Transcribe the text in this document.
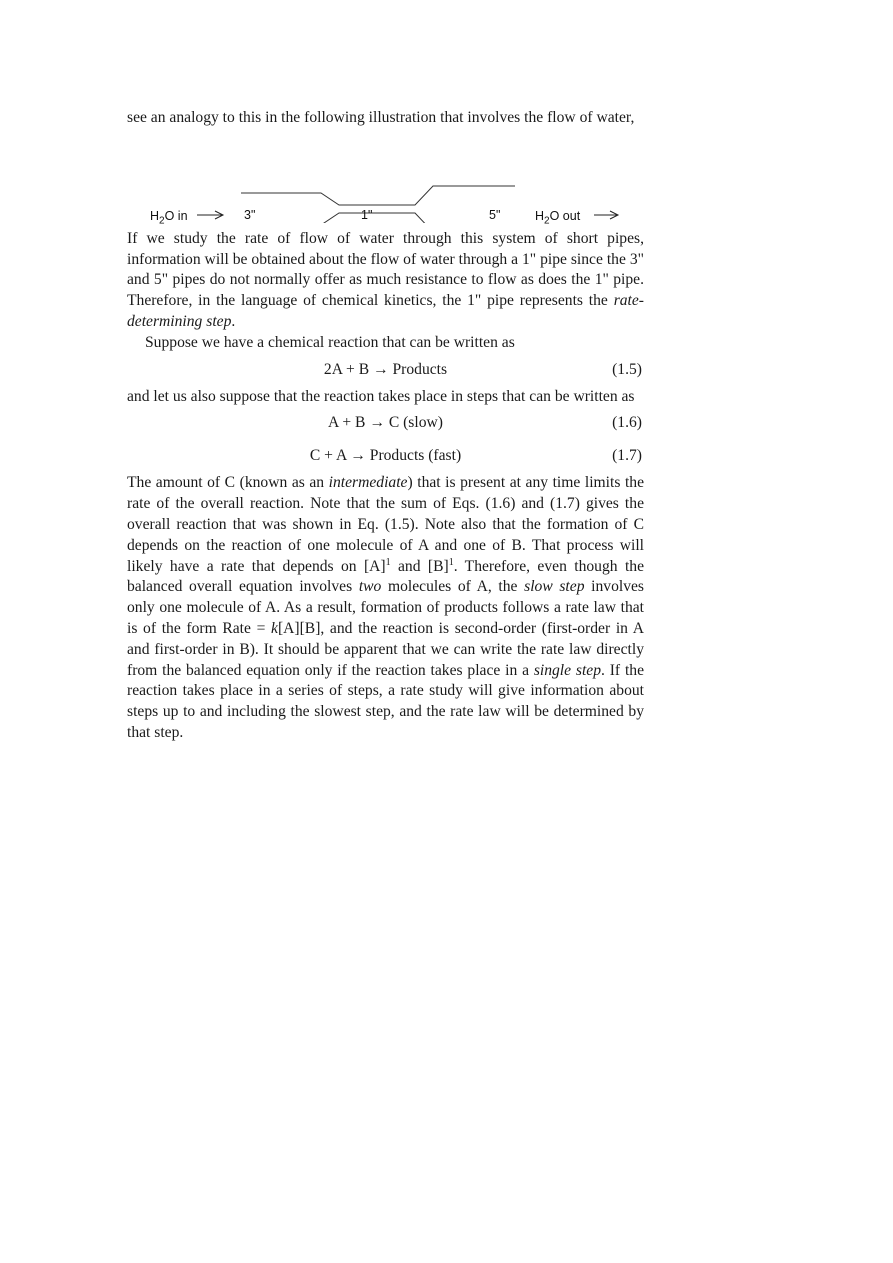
see an analogy to this in the following illustration that involves the flow of water,

$H_2O$ in	3"	1"	5"	$H_2O$ out

If we study the rate of flow of water through this system of short pipes, information will be obtained about the flow of water through a 1" pipe since the 3" and 5" pipes do not normally offer as much resistance to flow as does the 1" pipe. Therefore, in the language of chemical kinetics, the 1" pipe represents the rate-determining step.

Suppose we have a chemical reaction that can be written as

2A + B → Products	(1.5)

and let us also suppose that the reaction takes place in steps that can be written as

A + B → C (slow)	(1.6)
C + A → Products (fast)	(1.7)

The amount of C (known as an intermediate) that is present at any time limits the rate of the overall reaction. Note that the sum of Eqs. (1.6) and (1.7) gives the overall reaction that was shown in Eq. (1.5). Note also that the formation of C depends on the reaction of one molecule of A and one of B. That process will likely have a rate that depends on $[A]^1$ and $[B]^1$. Therefore, even though the balanced overall equation involves two molecules of A, the slow step involves only one molecule of A. As a result, formation of products follows a rate law that is of the form Rate = k[A][B], and the reaction is second-order (first-order in A and first-order in B). It should be apparent that we can write the rate law directly from the balanced equation only if the reaction takes place in a single step. If the reaction takes place in a series of steps, a rate study will give information about steps up to and including the slowest step, and the rate law will be determined by that step.
